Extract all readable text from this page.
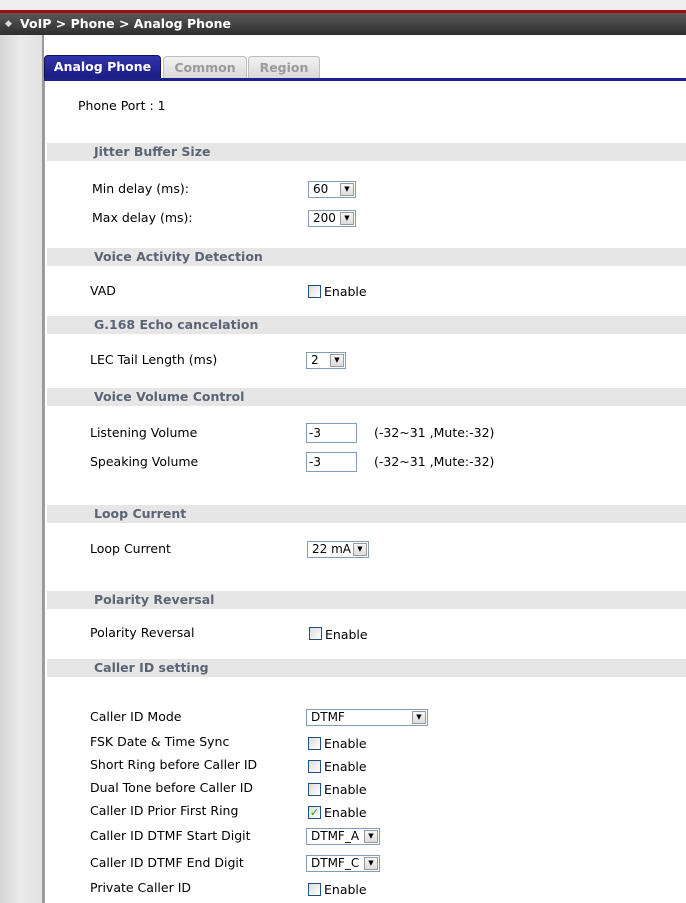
◆ VoIP > Phone > Analog Phone
Analog Phone	Common	Region
Phone Port : 1
Jitter Buffer Size
Min delay (ms):	60	▼
Max delay (ms):	200	▼
Voice Activity Detection
VAD	Enable
G.168 Echo cancelation
LEC Tail Length (ms)	2	▼
Voice Volume Control
Listening Volume	-3	(-32~31 ,Mute:-32)
Speaking Volume	-3	(-32~31 ,Mute:-32)
Loop Current
Loop Current	22 mA ▼
Polarity Reversal
Polarity Reversal	Enable
Caller ID setting
Caller ID Mode	DTMF	▼
FSK Date & Time Sync	Enable
Short Ring before Caller ID	Enable
Dual Tone before Caller ID	Enable
Caller ID Prior First Ring	✓ Enable
Caller ID DTMF Start Digit	DTMF_A	▼
Caller ID DTMF End Digit	DTMF_C	▼
Private Caller ID	Enable
